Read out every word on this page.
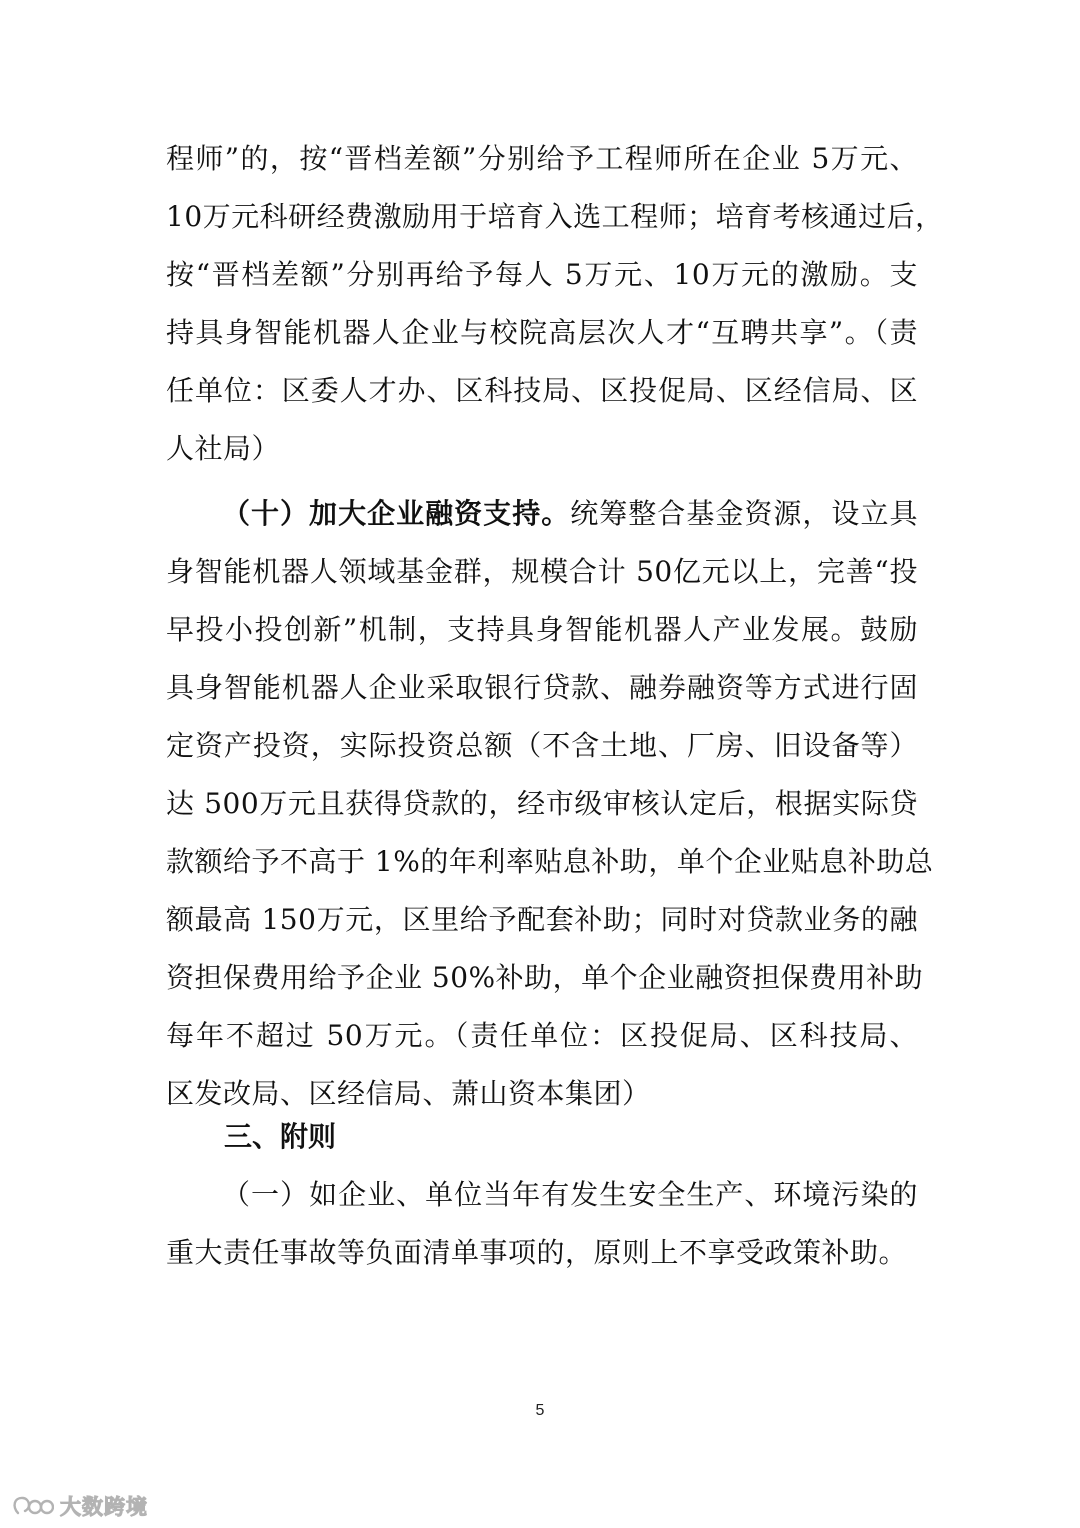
程师”的，按“晋档差额”分别给予工程师所在企业 5万元、
10万元科研经费激励用于培育入选工程师；培育考核通过后，
按“晋档差额”分别再给予每人 5万元、10万元的激励。支
持具身智能机器人企业与校院高层次人才“互聘共享”。（责
任单位：区委人才办、区科技局、区投促局、区经信局、区
人社局）
（十）加大企业融资支持。统筹整合基金资源，设立具
身智能机器人领域基金群，规模合计 50亿元以上，完善“投
早投小投创新”机制，支持具身智能机器人产业发展。鼓励
具身智能机器人企业采取银行贷款、融券融资等方式进行固
定资产投资，实际投资总额（不含土地、厂房、旧设备等）
达 500万元且获得贷款的，经市级审核认定后，根据实际贷
款额给予不高于 1%的年利率贴息补助，单个企业贴息补助总
额最高 150万元，区里给予配套补助；同时对贷款业务的融
资担保费用给予企业 50%补助，单个企业融资担保费用补助
每年不超过 50万元。（责任单位：区投促局、区科技局、
区发改局、区经信局、萧山资本集团）
三、附则
（一）如企业、单位当年有发生安全生产、环境污染的
重大责任事故等负面清单事项的，原则上不享受政策补助。
5
大数跨境
